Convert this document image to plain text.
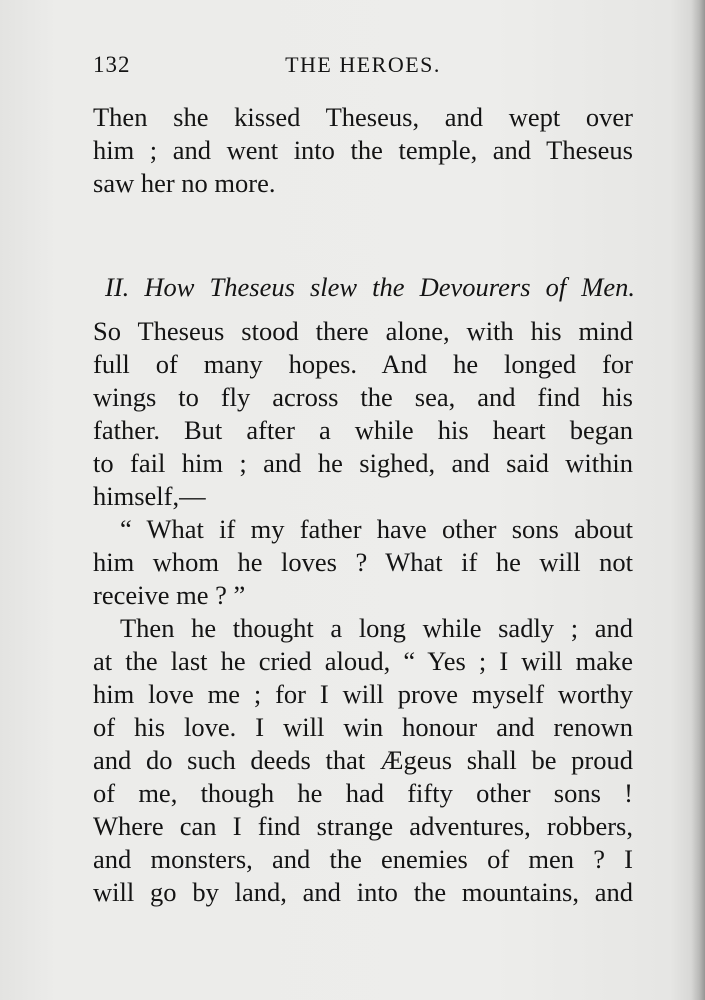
132	THE HEROES.
Then she kissed Theseus, and wept over
him ; and went into the temple, and Theseus
saw her no more.
II. How Theseus slew the Devourers of Men.
So Theseus stood there alone, with his mind
full of many hopes. And he longed for
wings to fly across the sea, and find his
father. But after a while his heart began
to fail him ; and he sighed, and said within
himself,—
“ What if my father have other sons about
him whom he loves ? What if he will not
receive me ? ”
Then he thought a long while sadly ; and
at the last he cried aloud, “ Yes ; I will make
him love me ; for I will prove myself worthy
of his love. I will win honour and renown
and do such deeds that Ægeus shall be proud
of me, though he had fifty other sons !
Where can I find strange adventures, robbers,
and monsters, and the enemies of men ? I
will go by land, and into the mountains, and
